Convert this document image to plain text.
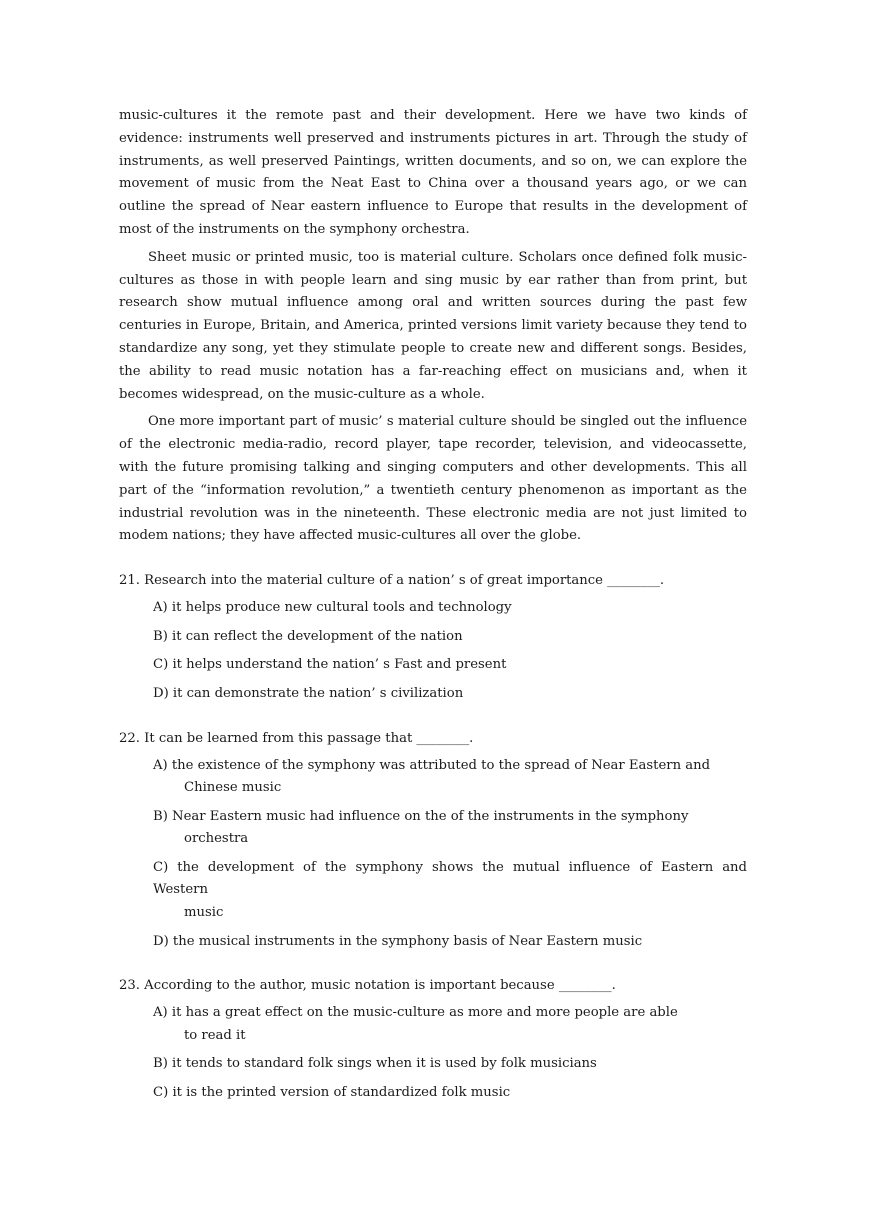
music-cultures it the remote past and their development. Here we have two kinds of evidence: instruments well preserved and instruments pictures in art. Through the study of instruments, as well preserved Paintings, written documents, and so on, we can explore the movement of music from the Neat East to China over a thousand years ago, or we can outline the spread of Near eastern influence to Europe that results in the development of most of the instruments on the symphony orchestra.

Sheet music or printed music, too is material culture. Scholars once defined folk music-cultures as those in with people learn and sing music by ear rather than from print, but research show mutual influence among oral and written sources during the past few centuries in Europe, Britain, and America, printed versions limit variety because they tend to standardize any song, yet they stimulate people to create new and different songs. Besides, the ability to read music notation has a far-reaching effect on musicians and, when it becomes widespread, on the music-culture as a whole.

One more important part of music’ s material culture should be singled out the influence of the electronic media-radio, record player, tape recorder, television, and videocassette, with the future promising talking and singing computers and other developments. This all part of the “information revolution,” a twentieth century phenomenon as important as the industrial revolution was in the nineteenth. These electronic media are not just limited to modem nations; they have affected music-cultures all over the globe.

21. Research into the material culture of a nation’ s of great importance ________.
A) it helps produce new cultural tools and technology
B) it can reflect the development of the nation
C) it helps understand the nation’ s Fast and present
D) it can demonstrate the nation’ s civilization
22. It can be learned from this passage that ________.
A) the existence of the symphony was attributed to the spread of Near Eastern and
Chinese music
B) Near Eastern music had influence on the of the instruments in the symphony
orchestra
C) the development of the symphony shows the mutual influence of Eastern and Western
music
D) the musical instruments in the symphony basis of Near Eastern music
23. According to the author, music notation is important because ________.
A) it has a great effect on the music-culture as more and more people are able
to read it
B) it tends to standard folk sings when it is used by folk musicians
C) it is the printed version of standardized folk music
